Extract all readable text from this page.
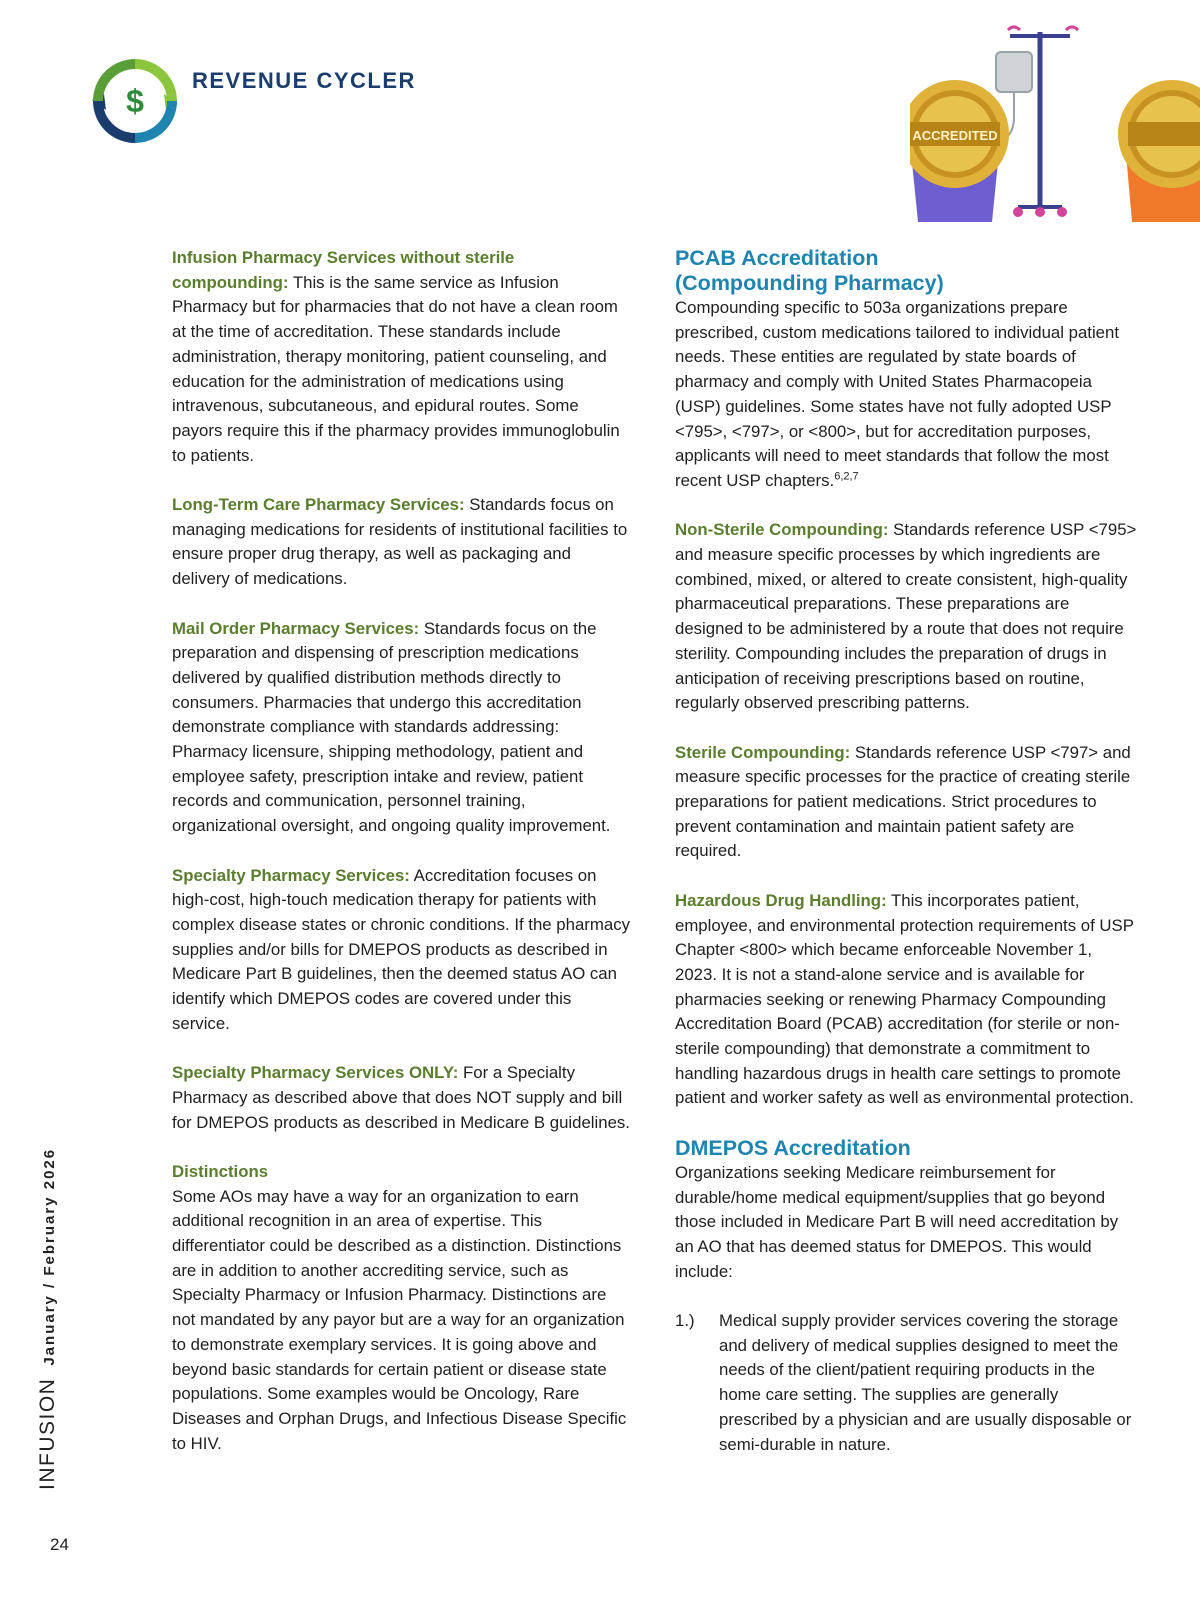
$
REVENUE CYCLER
ACCREDITED

Infusion Pharmacy Services without sterile compounding: This is the same service as Infusion Pharmacy but for pharmacies that do not have a clean room at the time of accreditation. These standards include administration, therapy monitoring, patient counseling, and education for the administration of medications using intravenous, subcutaneous, and epidural routes. Some payors require this if the pharmacy provides immunoglobulin to patients.

Long-Term Care Pharmacy Services: Standards focus on managing medications for residents of institutional facilities to ensure proper drug therapy, as well as packaging and delivery of medications.

Mail Order Pharmacy Services: Standards focus on the preparation and dispensing of prescription medications delivered by qualified distribution methods directly to consumers. Pharmacies that undergo this accreditation demonstrate compliance with standards addressing: Pharmacy licensure, shipping methodology, patient and employee safety, prescription intake and review, patient records and communication, personnel training, organizational oversight, and ongoing quality improvement.

Specialty Pharmacy Services: Accreditation focuses on high-cost, high-touch medication therapy for patients with complex disease states or chronic conditions. If the pharmacy supplies and/or bills for DMEPOS products as described in Medicare Part B guidelines, then the deemed status AO can identify which DMEPOS codes are covered under this service.

Specialty Pharmacy Services ONLY: For a Specialty Pharmacy as described above that does NOT supply and bill for DMEPOS products as described in Medicare B guidelines.

Distinctions

Some AOs may have a way for an organization to earn additional recognition in an area of expertise. This differentiator could be described as a distinction. Distinctions are in addition to another accrediting service, such as Specialty Pharmacy or Infusion Pharmacy. Distinctions are not mandated by any payor but are a way for an organization to demonstrate exemplary services. It is going above and beyond basic standards for certain patient or disease state populations. Some examples would be Oncology, Rare Diseases and Orphan Drugs, and Infectious Disease Specific to HIV.

PCAB Accreditation
(Compounding Pharmacy)

Compounding specific to 503a organizations prepare prescribed, custom medications tailored to individual patient needs. These entities are regulated by state boards of pharmacy and comply with United States Pharmacopeia (USP) guidelines. Some states have not fully adopted USP <795>, <797>, or <800>, but for accreditation purposes, applicants will need to meet standards that follow the most recent USP chapters.$^{6,2,7}$

Non-Sterile Compounding: Standards reference USP <795> and measure specific processes by which ingredients are combined, mixed, or altered to create consistent, high-quality pharmaceutical preparations. These preparations are designed to be administered by a route that does not require sterility. Compounding includes the preparation of drugs in anticipation of receiving prescriptions based on routine, regularly observed prescribing patterns.

Sterile Compounding: Standards reference USP <797> and measure specific processes for the practice of creating sterile preparations for patient medications. Strict procedures to prevent contamination and maintain patient safety are required.

Hazardous Drug Handling: This incorporates patient, employee, and environmental protection requirements of USP Chapter <800> which became enforceable November 1, 2023. It is not a stand-alone service and is available for pharmacies seeking or renewing Pharmacy Compounding Accreditation Board (PCAB) accreditation (for sterile or non-sterile compounding) that demonstrate a commitment to handling hazardous drugs in health care settings to promote patient and worker safety as well as environmental protection.

DMEPOS Accreditation

Organizations seeking Medicare reimbursement for durable/home medical equipment/supplies that go beyond those included in Medicare Part B will need accreditation by an AO that has deemed status for DMEPOS. This would include:

1.)	Medical supply provider services covering the storage and delivery of medical supplies designed to meet the needs of the client/patient requiring products in the home care setting. The supplies are generally prescribed by a physician and are usually disposable or semi-durable in nature.
INFUSIONJanuary / February 2026
24
